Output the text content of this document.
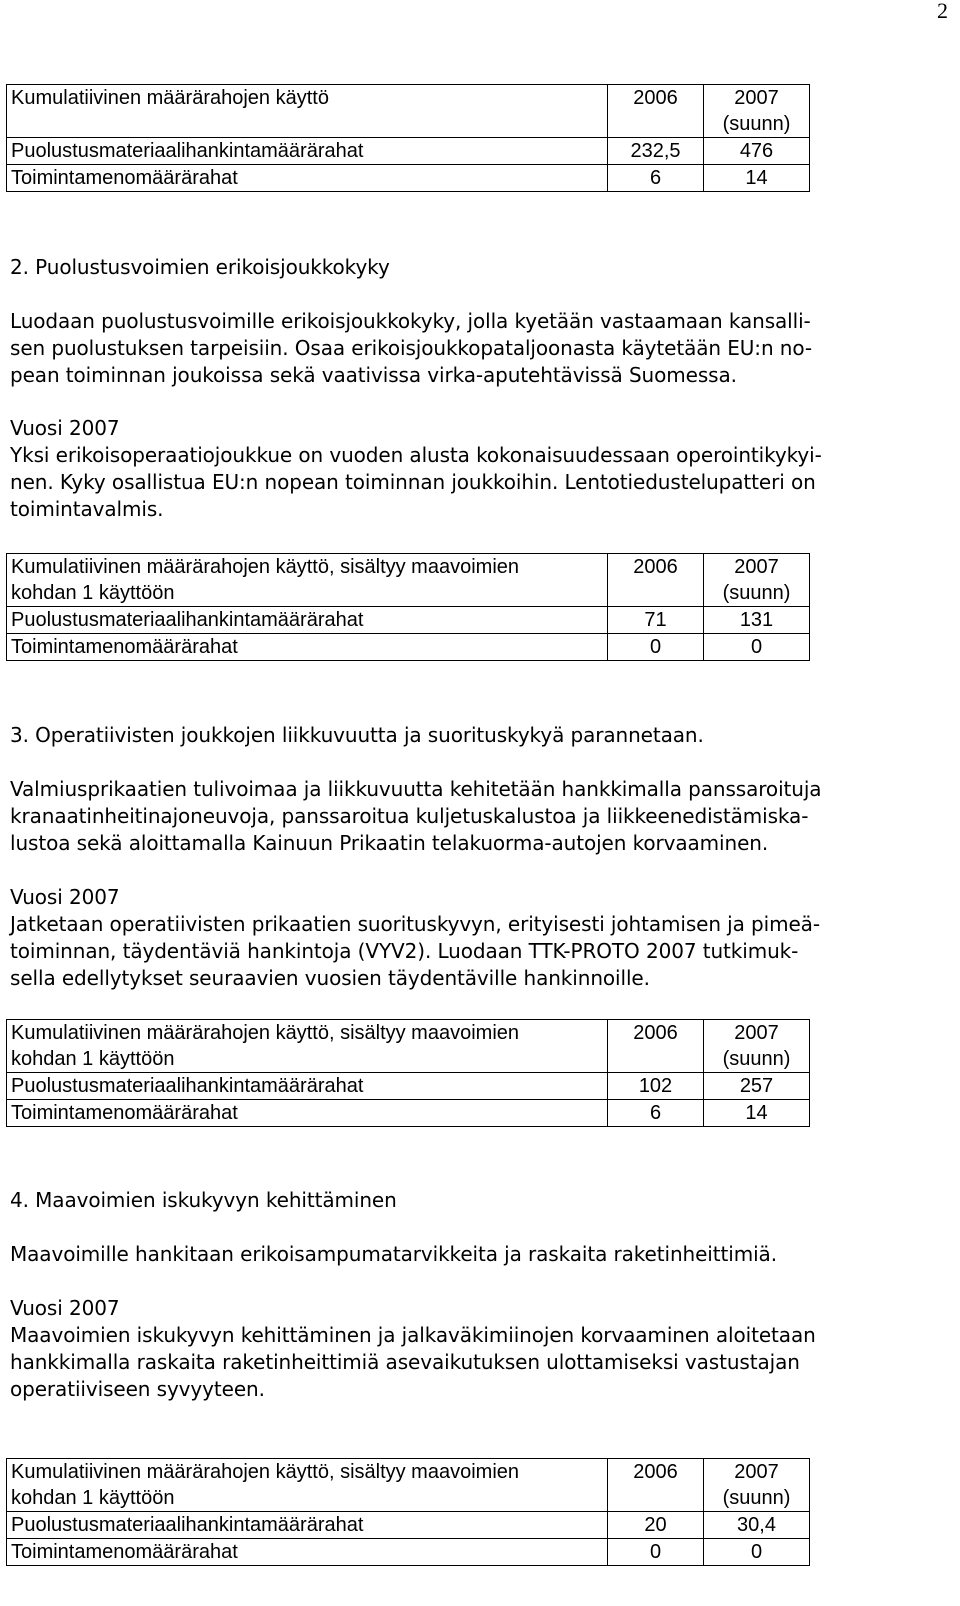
2
Kumulatiivinen määrärahojen käyttö	2006	2007
(suunn)

Puolustusmateriaalihankintamäärärahat	232,5	476
Toimintamenomäärärahat	6	14
2. Puolustusvoimien erikoisjoukkokyky
Luodaan puolustusvoimille erikoisjoukkokyky, jolla kyetään vastaamaan kansalli-
sen puolustuksen tarpeisiin. Osaa erikoisjoukkopataljoonasta käytetään EU:n no-
pean toiminnan joukoissa sekä vaativissa virka-aputehtävissä Suomessa.
Vuosi 2007
Yksi erikoisoperaatiojoukkue on vuoden alusta kokonaisuudessaan operointikykyi-
nen. Kyky osallistua EU:n nopean toiminnan joukkoihin. Lentotiedustelupatteri on
toimintavalmis.
Kumulatiivinen määrärahojen käyttö, sisältyy maavoimien
kohdan 1 käyttöön	2006	2007
(suunn)

Puolustusmateriaalihankintamäärärahat	71	131
Toimintamenomäärärahat	0	0
3. Operatiivisten joukkojen liikkuvuutta ja suorituskykyä parannetaan.
Valmiusprikaatien tulivoimaa ja liikkuvuutta kehitetään hankkimalla panssaroituja
kranaatinheitinajoneuvoja, panssaroitua kuljetuskalustoa ja liikkeenedistämiska-
lustoa sekä aloittamalla Kainuun Prikaatin telakuorma-autojen korvaaminen.
Vuosi 2007
Jatketaan operatiivisten prikaatien suorituskyvyn, erityisesti johtamisen ja pimeä-
toiminnan, täydentäviä hankintoja (VYV2). Luodaan TTK-PROTO 2007 tutkimuk-
sella edellytykset seuraavien vuosien täydentäville hankinnoille.
Kumulatiivinen määrärahojen käyttö, sisältyy maavoimien
kohdan 1 käyttöön	2006	2007
(suunn)

Puolustusmateriaalihankintamäärärahat	102	257
Toimintamenomäärärahat	6	14
4. Maavoimien iskukyvyn kehittäminen
Maavoimille hankitaan erikoisampumatarvikkeita ja raskaita raketinheittimiä.
Vuosi 2007
Maavoimien iskukyvyn kehittäminen ja jalkaväkimiinojen korvaaminen aloitetaan
hankkimalla raskaita raketinheittimiä asevaikutuksen ulottamiseksi vastustajan
operatiiviseen syvyyteen.
Kumulatiivinen määrärahojen käyttö, sisältyy maavoimien
kohdan 1 käyttöön	2006	2007
(suunn)

Puolustusmateriaalihankintamäärärahat	20	30,4
Toimintamenomäärärahat	0	0
